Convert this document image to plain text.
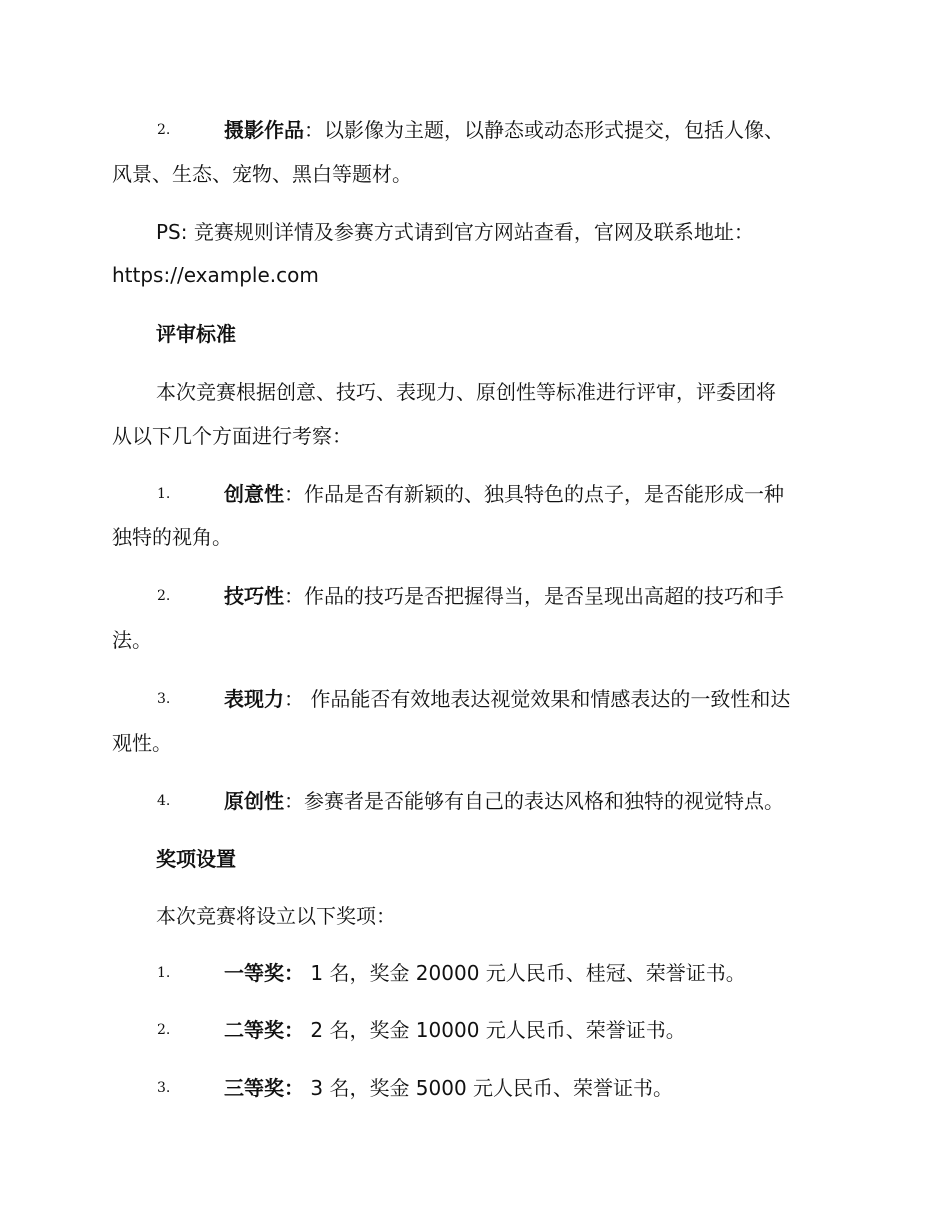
2.	摄影作品：以影像为主题，以静态或动态形式提交，包括人像、
风景、生态、宠物、黑白等题材。
PS: 竞赛规则详情及参赛方式请到官方网站查看，官网及联系地址：
https://example.com
评审标准
本次竞赛根据创意、技巧、表现力、原创性等标准进行评审，评委团将
从以下几个方面进行考察：
1.	创意性：作品是否有新颖的、独具特色的点子，是否能形成一种
独特的视角。
2.	技巧性：作品的技巧是否把握得当，是否呈现出高超的技巧和手
法。
3.	表现力： 作品能否有效地表达视觉效果和情感表达的一致性和达
观性。
4.	原创性：参赛者是否能够有自己的表达风格和独特的视觉特点。
奖项设置
本次竞赛将设立以下奖项：
1.	一等奖： 1 名，奖金 20000 元人民币、桂冠、荣誉证书。
2.	二等奖： 2 名，奖金 10000 元人民币、荣誉证书。
3.	三等奖： 3 名，奖金 5000 元人民币、荣誉证书。
